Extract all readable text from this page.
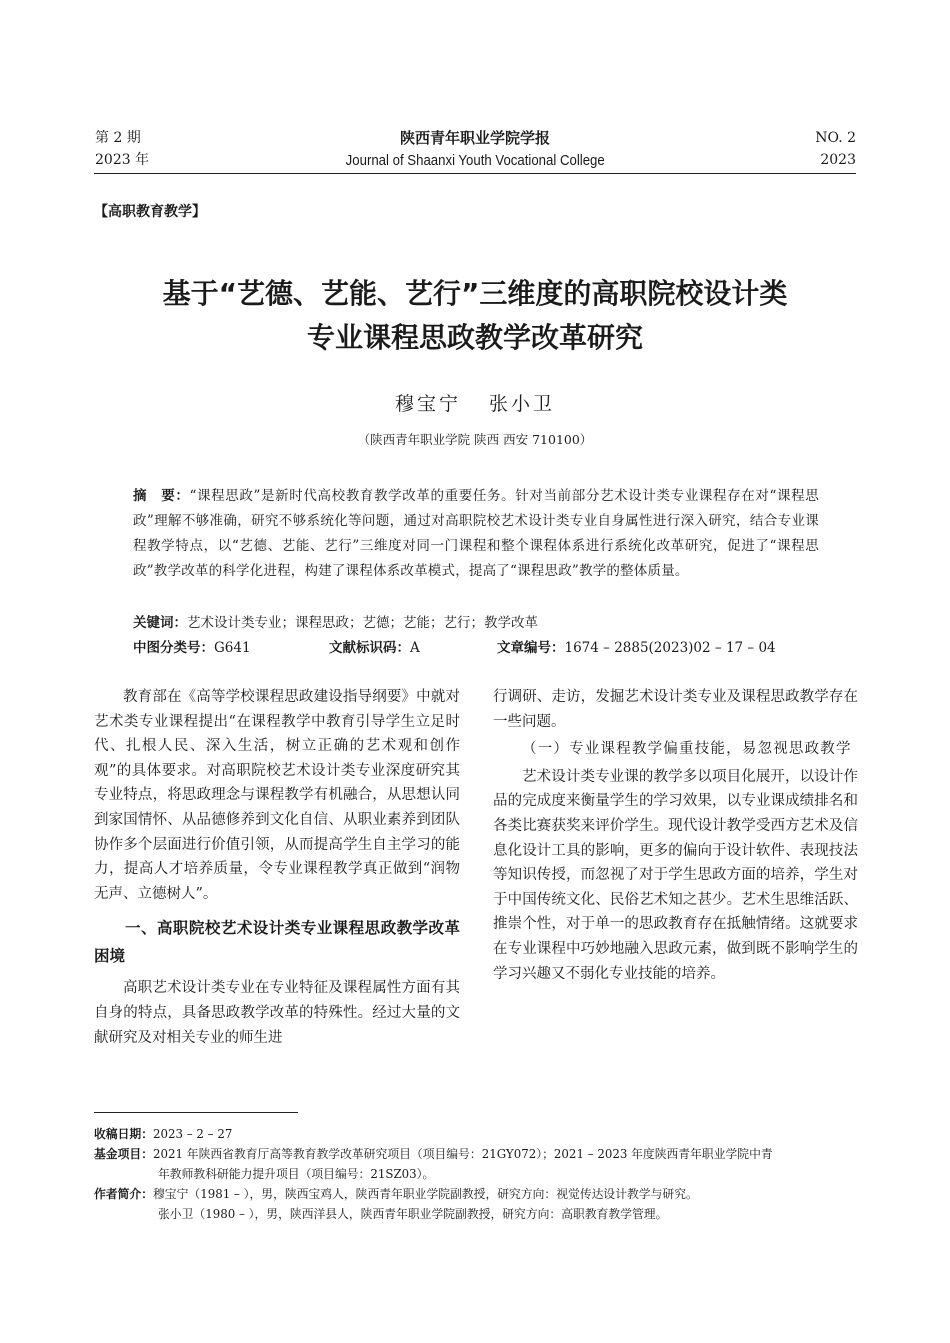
第 2 期
2023 年
陕西青年职业学院学报
Journal of Shaanxi Youth Vocational College
NO. 2
2023
【高职教育教学】
基于“艺德、艺能、艺行”三维度的高职院校设计类
专业课程思政教学改革研究
穆宝宁 张小卫
（陕西青年职业学院 陕西 西安 710100）
摘　要：“课程思政”是新时代高校教育教学改革的重要任务。针对当前部分艺术设计类专业课程存在对“课程思政”理解不够准确，研究不够系统化等问题，通过对高职院校艺术设计类专业自身属性进行深入研究，结合专业课程教学特点，以“艺德、艺能、艺行”三维度对同一门课程和整个课程体系进行系统化改革研究，促进了“课程思政”教学改革的科学化进程，构建了课程体系改革模式，提高了“课程思政”教学的整体质量。
关键词：艺术设计类专业；课程思政；艺德；艺能；艺行；教学改革
中图分类号：G641	文献标识码：A	文章编号：1674 – 2885(2023)02 – 17 – 04

教育部在《高等学校课程思政建设指导纲要》中就对艺术类专业课程提出“在课程教学中教育引导学生立足时代、扎根人民、深入生活，树立正确的艺术观和创作观”的具体要求。对高职院校艺术设计类专业深度研究其专业特点，将思政理念与课程教学有机融合，从思想认同到家国情怀、从品德修养到文化自信、从职业素养到团队协作多个层面进行价值引领，从而提高学生自主学习的能力，提高人才培养质量，令专业课程教学真正做到“润物无声、立德树人”。

一、高职院校艺术设计类专业课程思政教学改革困境

高职艺术设计类专业在专业特征及课程属性方面有其自身的特点，具备思政教学改革的特殊性。经过大量的文献研究及对相关专业的师生进

行调研、走访，发掘艺术设计类专业及课程思政教学存在一些问题。

（一）专业课程教学偏重技能，易忽视思政教学

艺术设计类专业课的教学多以项目化展开，以设计作品的完成度来衡量学生的学习效果，以专业课成绩排名和各类比赛获奖来评价学生。现代设计教学受西方艺术及信息化设计工具的影响，更多的偏向于设计软件、表现技法等知识传授，而忽视了对于学生思政方面的培养，学生对于中国传统文化、民俗艺术知之甚少。艺术生思维活跃、推崇个性，对于单一的思政教育存在抵触情绪。这就要求在专业课程中巧妙地融入思政元素，做到既不影响学生的学习兴趣又不弱化专业技能的培养。

收稿日期：2023 – 2 – 27
基金项目：2021 年陕西省教育厅高等教育教学改革研究项目（项目编号：21GY072）；2021 – 2023 年度陕西青年职业学院中青
年教师教科研能力提升项目（项目编号：21SZ03）。
作者简介：穆宝宁（1981 – ），男，陕西宝鸡人，陕西青年职业学院副教授，研究方向：视觉传达设计教学与研究。
张小卫（1980 – ），男，陕西洋县人，陕西青年职业学院副教授，研究方向：高职教育教学管理。
